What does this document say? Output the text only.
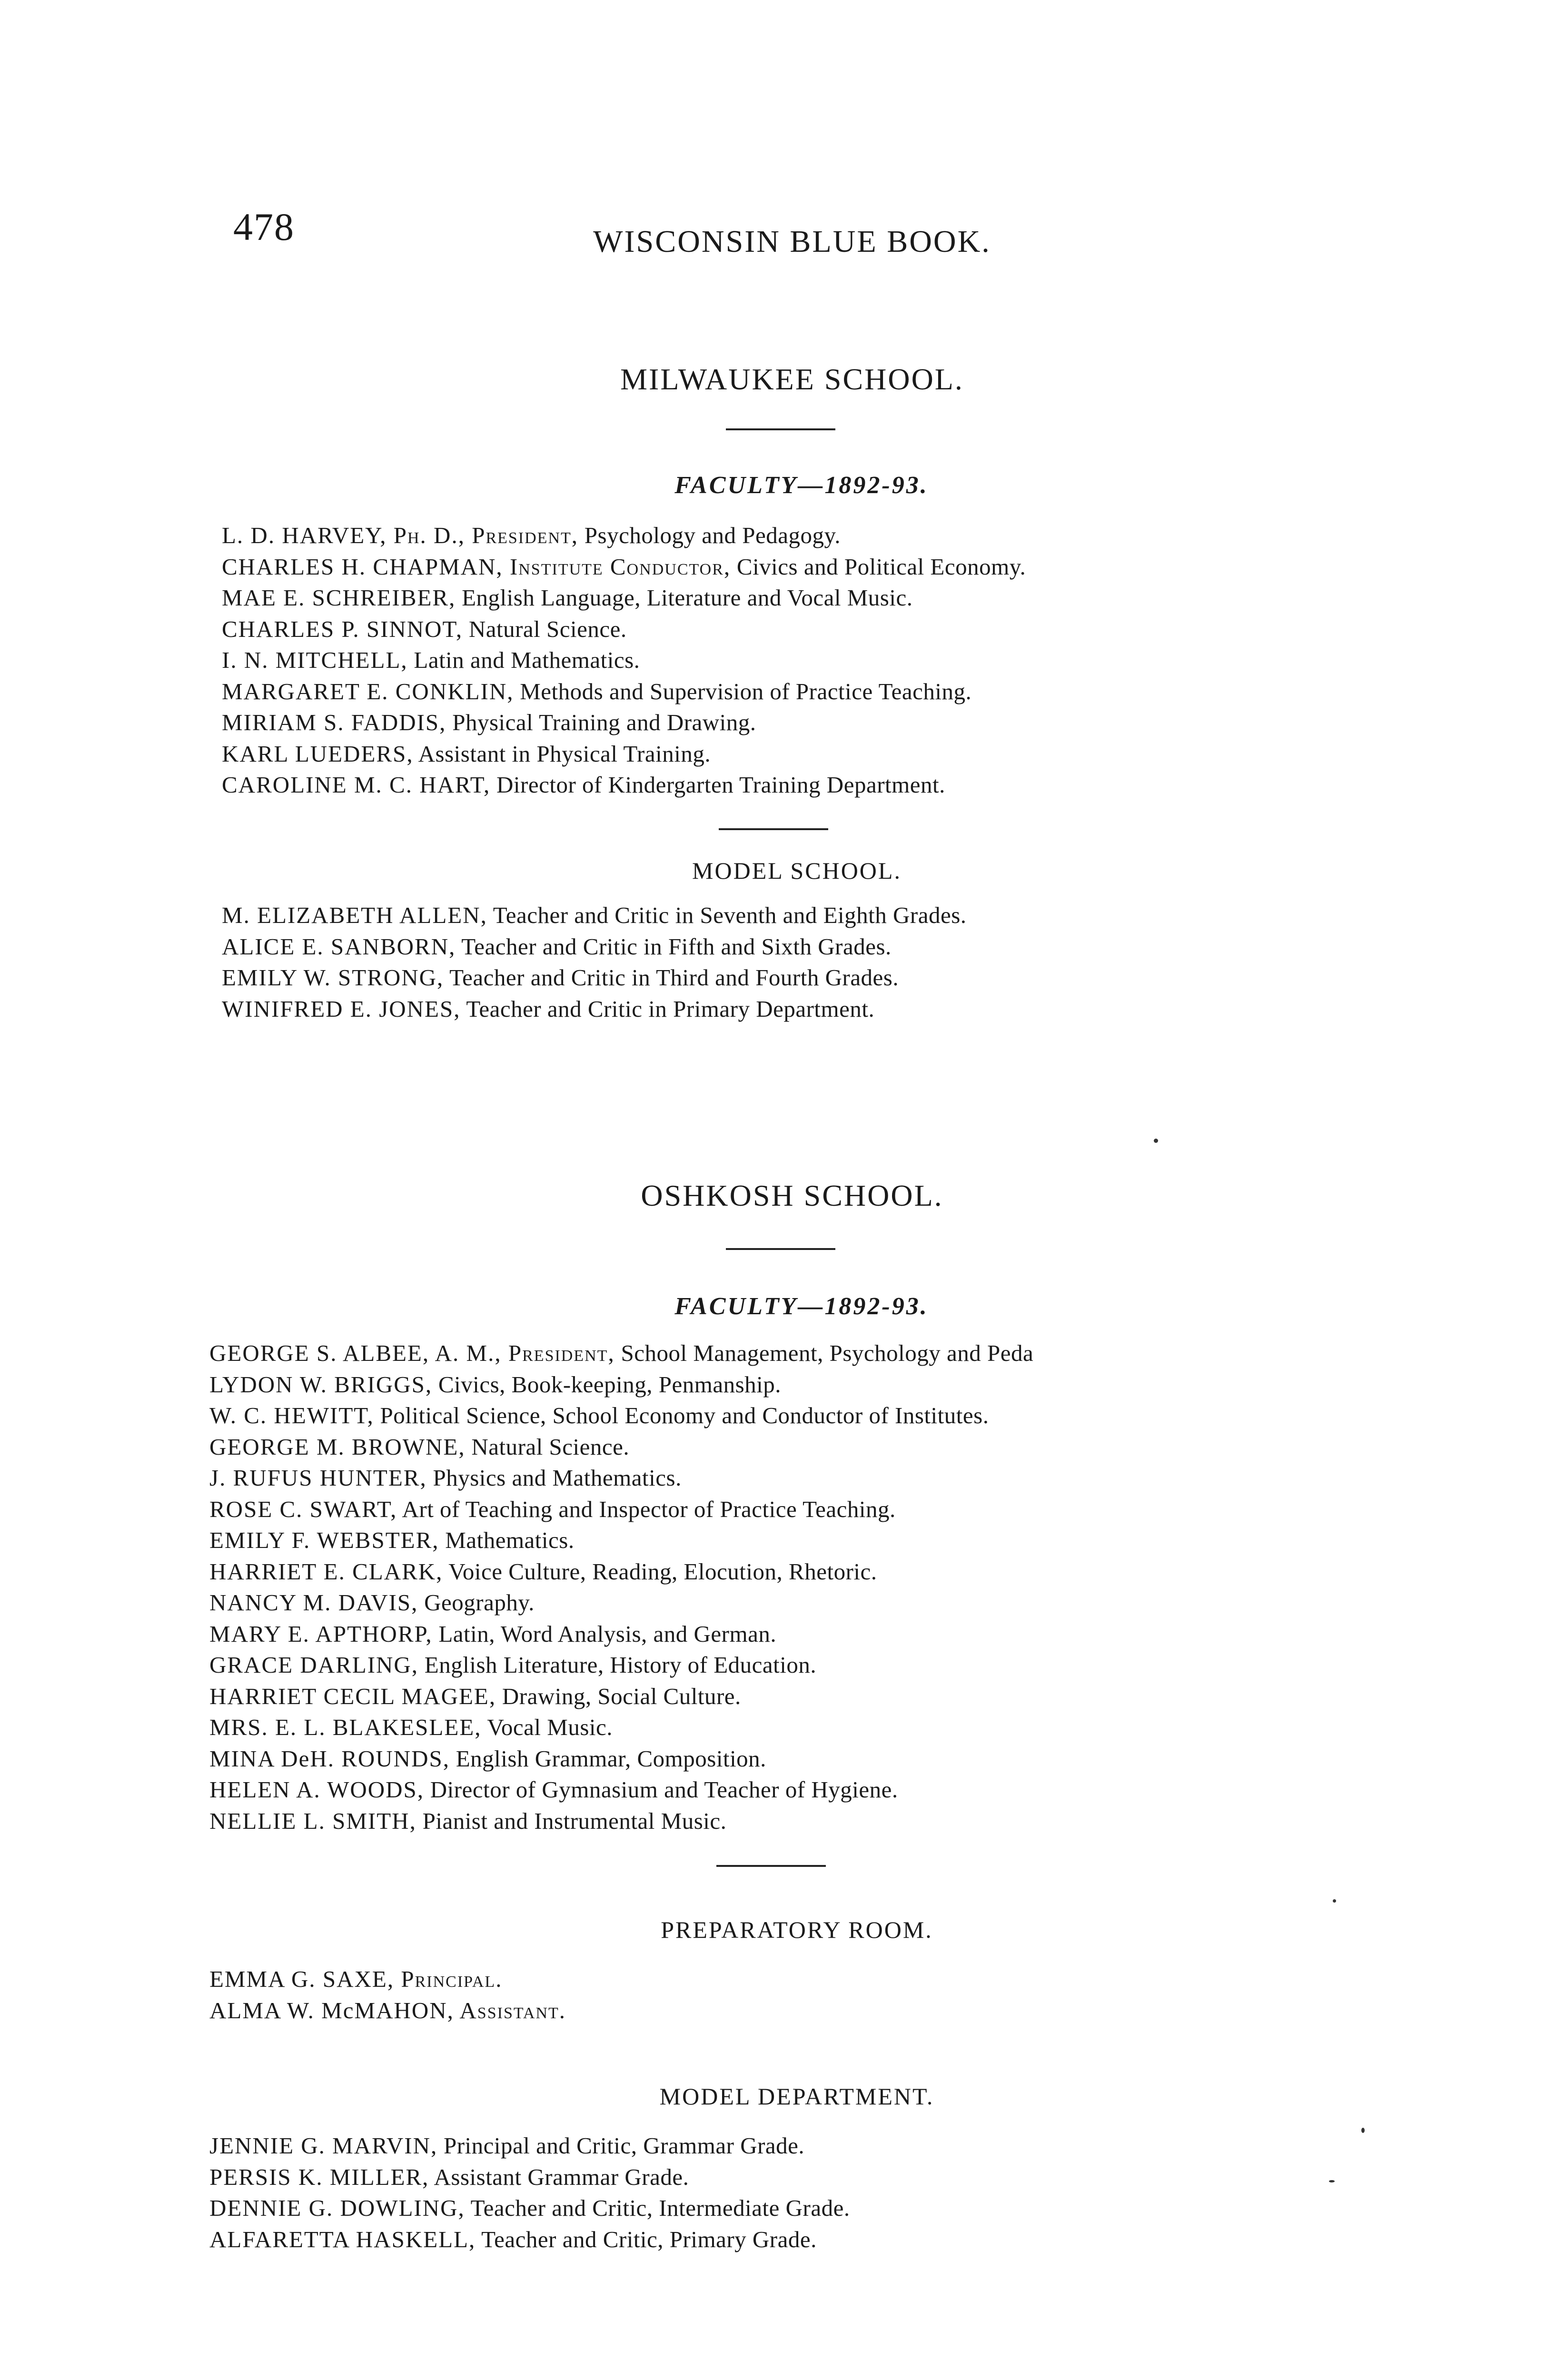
478	WISCONSIN BLUE BOOK.
MILWAUKEE SCHOOL.
FACULTY—1892-93.
L. D. HARVEY, Ph. D., President, Psychology and Pedagogy.
CHARLES H. CHAPMAN, Institute Conductor, Civics and Political Economy.
MAE E. SCHREIBER, English Language, Literature and Vocal Music.
CHARLES P. SINNOT, Natural Science.
I. N. MITCHELL, Latin and Mathematics.
MARGARET E. CONKLIN, Methods and Supervision of Practice Teaching.
MIRIAM S. FADDIS, Physical Training and Drawing.
KARL LUEDERS, Assistant in Physical Training.
CAROLINE M. C. HART, Director of Kindergarten Training Department.
MODEL SCHOOL.
M. ELIZABETH ALLEN, Teacher and Critic in Seventh and Eighth Grades.
ALICE E. SANBORN, Teacher and Critic in Fifth and Sixth Grades.
EMILY W. STRONG, Teacher and Critic in Third and Fourth Grades.
WINIFRED E. JONES, Teacher and Critic in Primary Department.
OSHKOSH SCHOOL.
FACULTY—1892-93.
GEORGE S. ALBEE, A. M., President, School Management, Psychology and Peda
LYDON W. BRIGGS, Civics, Book-keeping, Penmanship.
W. C. HEWITT, Political Science, School Economy and Conductor of Institutes.
GEORGE M. BROWNE, Natural Science.
J. RUFUS HUNTER, Physics and Mathematics.
ROSE C. SWART, Art of Teaching and Inspector of Practice Teaching.
EMILY F. WEBSTER, Mathematics.
HARRIET E. CLARK, Voice Culture, Reading, Elocution, Rhetoric.
NANCY M. DAVIS, Geography.
MARY E. APTHORP, Latin, Word Analysis, and German.
GRACE DARLING, English Literature, History of Education.
HARRIET CECIL MAGEE, Drawing, Social Culture.
MRS. E. L. BLAKESLEE, Vocal Music.
MINA DeH. ROUNDS, English Grammar, Composition.
HELEN A. WOODS, Director of Gymnasium and Teacher of Hygiene.
NELLIE L. SMITH, Pianist and Instrumental Music.
PREPARATORY ROOM.
EMMA G. SAXE, Principal.
ALMA W. McMAHON, Assistant.
MODEL DEPARTMENT.
JENNIE G. MARVIN, Principal and Critic, Grammar Grade.
PERSIS K. MILLER, Assistant Grammar Grade.
DENNIE G. DOWLING, Teacher and Critic, Intermediate Grade.
ALFARETTA HASKELL, Teacher and Critic, Primary Grade.
